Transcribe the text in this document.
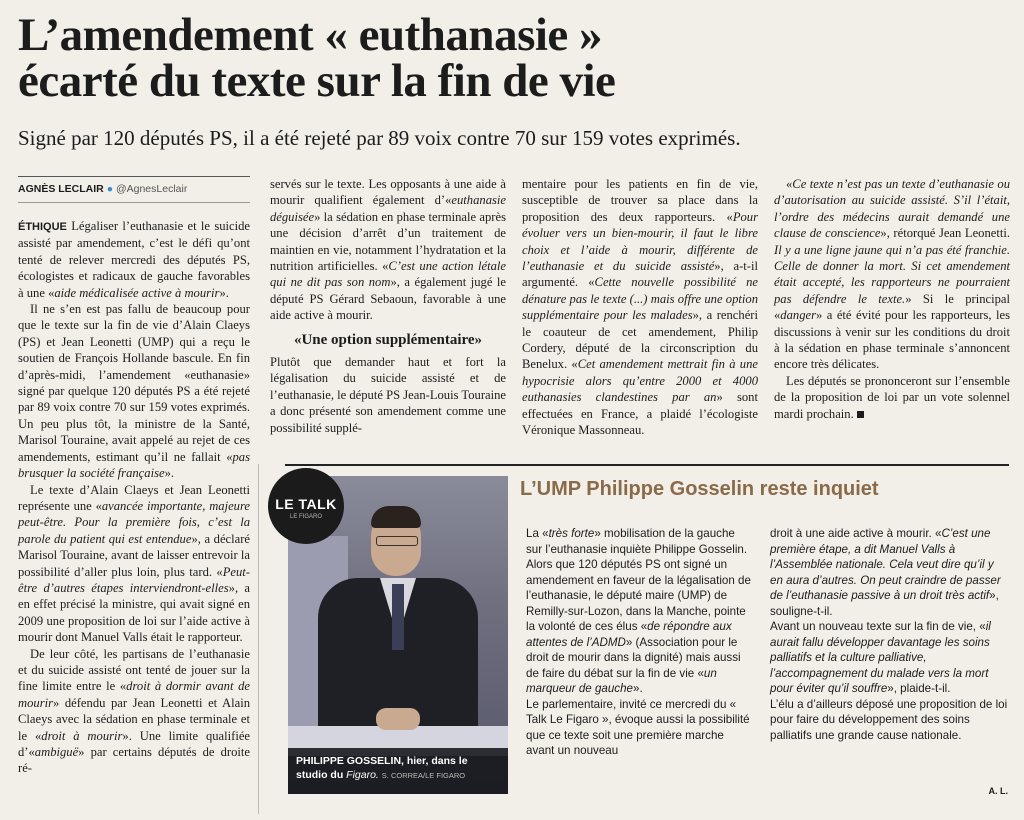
L’amendement « euthanasie »
écarté du texte sur la fin de vie
Signé par 120 députés PS, il a été rejeté par 89 voix contre 70 sur 159 votes exprimés.
AGNÈS LECLAIR ● @AgnesLeclair

ÉTHIQUE Légaliser l’euthanasie et le suicide assisté par amendement, c’est le défi qu’ont tenté de relever mercredi des députés PS, écologistes et radicaux de gauche favorables à une «aide médicalisée active à mourir».

Il ne s’en est pas fallu de beaucoup pour que le texte sur la fin de vie d’Alain Claeys (PS) et Jean Leonetti (UMP) qui a reçu le soutien de François Hollande bascule. En fin d’après-midi, l’amendement «euthanasie» signé par quelque 120 députés PS a été rejeté par 89 voix contre 70 sur 159 votes exprimés. Un peu plus tôt, la ministre de la Santé, Marisol Touraine, avait appelé au rejet de ces amendements, estimant qu’il ne fallait «pas brusquer la société française».

Le texte d’Alain Claeys et Jean Leonetti représente une «avancée importante, majeure peut-être. Pour la première fois, c’est la parole du patient qui est entendue», a déclaré Marisol Touraine, avant de laisser entrevoir la possibilité d’aller plus loin, plus tard. «Peut-être d’autres étapes interviendront-elles», a en effet précisé la ministre, qui avait signé en 2009 une proposition de loi sur l’aide active à mourir dont Manuel Valls était le rapporteur.

De leur côté, les partisans de l’euthanasie et du suicide assisté ont tenté de jouer sur la fine limite entre le «droit à dormir avant de mourir» défendu par Jean Leonetti et Alain Claeys avec la sédation en phase terminale et le «droit à mourir». Une limite qualifiée d’«ambiguë» par certains députés de droite ré-

servés sur le texte. Les opposants à une aide à mourir qualifient également d’«euthanasie déguisée» la sédation en phase terminale après une décision d’arrêt d’un traitement de maintien en vie, notamment l’hydratation et la nutrition artificielles. «C’est une action létale qui ne dit pas son nom», a également jugé le député PS Gérard Sebaoun, favorable à une aide active à mourir.

«Une option supplémentaire»

Plutôt que demander haut et fort la légalisation du suicide assisté et de l’euthanasie, le député PS Jean-Louis Touraine a donc présenté son amendement comme une possibilité supplé-

mentaire pour les patients en fin de vie, susceptible de trouver sa place dans la proposition des deux rapporteurs. «Pour évoluer vers un bien-mourir, il faut le libre choix et l’aide à mourir, différente de l’euthanasie et du suicide assisté», a-t-il argumenté. «Cette nouvelle possibilité ne dénature pas le texte (...) mais offre une option supplémentaire pour les malades», a renchéri le coauteur de cet amendement, Philip Cordery, député de la circonscription du Benelux. «Cet amendement mettrait fin à une hypocrisie alors qu’entre 2000 et 4000 euthanasies clandestines par an» sont effectuées en France, a plaidé l’écologiste Véronique Massonneau.

«Ce texte n’est pas un texte d’euthanasie ou d’autorisation au suicide assisté. S’il l’était, l’ordre des médecins aurait demandé une clause de conscience», rétorqué Jean Leonetti. Il y a une ligne jaune qui n’a pas été franchie. Celle de donner la mort. Si cet amendement était accepté, les rapporteurs ne pourraient pas défendre le texte.» Si le principal «danger» a été évité pour les rapporteurs, les discussions à venir sur les conditions du droit à la sédation en phase terminale s’annoncent encore très délicates.

Les députés se prononceront sur l’ensemble de la proposition de loi par un vote solennel mardi prochain.

LE TALK
LE FIGARO
PHILIPPE GOSSELIN, hier, dans le studio du Figaro. S. CORREA/LE FIGARO
L’UMP Philippe Gosselin reste inquiet

La «très forte» mobilisation de la gauche sur l’euthanasie inquiète Philippe Gosselin. Alors que 120 députés PS ont signé un amendement en faveur de la légalisation de l’euthanasie, le député maire (UMP) de Remilly-sur-Lozon, dans la Manche, pointe la volonté de ces élus «de répondre aux attentes de l’ADMD» (Association pour le droit de mourir dans la dignité) mais aussi de faire du débat sur la fin de vie «un marqueur de gauche».

Le parlementaire, invité ce mercredi du « Talk Le Figaro », évoque aussi la possibilité que ce texte soit une première marche avant un nouveau

droit à une aide active à mourir. «C’est une première étape, a dit Manuel Valls à l’Assemblée nationale. Cela veut dire qu’il y en aura d’autres. On peut craindre de passer de l’euthanasie passive à un droit très actif», souligne-t-il.

Avant un nouveau texte sur la fin de vie, «il aurait fallu développer davantage les soins palliatifs et la culture palliative, l’accompagnement du malade vers la mort pour éviter qu’il souffre», plaide-t-il.

L’élu a d’ailleurs déposé une proposition de loi pour faire du développement des soins palliatifs une grande cause nationale.

A. L.
